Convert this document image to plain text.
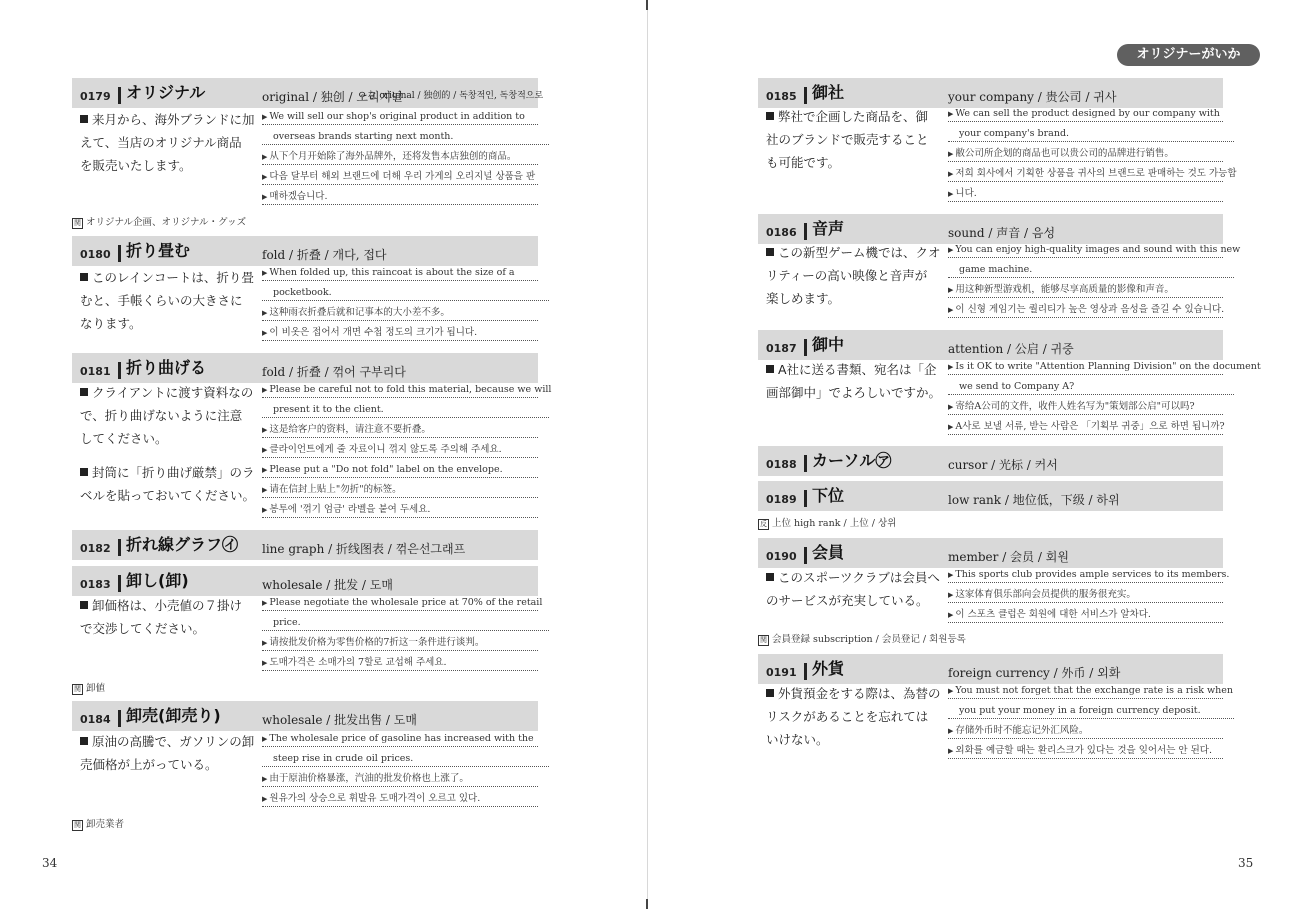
オリジナーがいか
34	35
0179 オリジナル	original / 独创 / 오리지널
~な original / 独创的 / 독창적인, 독창적으로
来月から、海外ブランドに加
えて、当店のオリジナル商品
を販売いたします。
▶ We will sell our shop's original product in addition to
overseas brands starting next month.
▶ 从下个月开始除了海外品牌外，还将发售本店独创的商品。
▶ 다음 달부터 해외 브랜드에 더해 우리 가게의 오리지널 상품을 판
▶ 매하겠습니다.
関 オリジナル企画、オリジナル・グッズ
0180 折り畳む	fold / 折叠 / 개다, 접다
このレインコートは、折り畳
むと、手帳くらいの大きさに
なります。
▶ When folded up, this raincoat is about the size of a
pocketbook.
▶ 这种雨衣折叠后就和记事本的大小差不多。
▶ 이 비옷은 접어서 개면 수첩 정도의 크기가 됩니다.
0181 折り曲げる	fold / 折叠 / 꺾어 구부리다
クライアントに渡す資料なの
で、折り曲げないように注意
してください。
▶ Please be careful not to fold this material, because we will
present it to the client.
▶ 这是给客户的资料，请注意不要折叠。
▶ 클라이언트에게 줄 자료이니 꺾지 않도록 주의해 주세요.
封筒に「折り曲げ厳禁」のラ
ベルを貼っておいてください。
▶ Please put a "Do not fold" label on the envelope.
▶ 请在信封上贴上"勿折"的标签。
▶ 봉투에 '꺾기 엄금' 라벨을 붙여 두세요.
0182 折れ線グラフ㋑ line graph / 折线图表 / 꺾은선그래프
0183 卸し(卸)	wholesale / 批发 / 도매
卸価格は、小売値の７掛け
で交渉してください。
▶ Please negotiate the wholesale price at 70% of the retail
price.
▶ 请按批发价格为零售价格的7折这一条件进行谈判。
▶ 도매가격은 소매가의 7할로 교섭해 주세요.
関 卸値
0184 卸売(卸売り)	wholesale / 批发出售 / 도매
原油の高騰で、ガソリンの卸
売価格が上がっている。
▶ The wholesale price of gasoline has increased with the
steep rise in crude oil prices.
▶ 由于原油价格暴涨，汽油的批发价格也上涨了。
▶ 원유가의 상승으로 휘발유 도매가격이 오르고 있다.
関 卸売業者
0185 御社	your company / 贵公司 / 귀사
弊社で企画した商品を、御
社のブランドで販売すること
も可能です。
▶ We can sell the product designed by our company with
your company's brand.
▶ 敝公司所企划的商品也可以贵公司的品牌进行销售。
▶ 저희 회사에서 기획한 상품을 귀사의 브랜드로 판매하는 것도 가능합
▶ 니다.
0186 音声	sound / 声音 / 음성
この新型ゲーム機では、クオ
リティーの高い映像と音声が
楽しめます。
▶ You can enjoy high-quality images and sound with this new
game machine.
▶ 用这种新型游戏机，能够尽享高质量的影像和声音。
▶ 이 신형 게임기는 퀄리티가 높은 영상과 음성을 즐길 수 있습니다.
0187 御中	attention / 公启 / 귀중
A社に送る書類、宛名は「企
画部御中」でよろしいですか。
▶ Is it OK to write "Attention Planning Division" on the document
we send to Company A?
▶ 寄给A公司的文件，收件人姓名写为"策划部公启"可以吗?
▶ A사로 보낼 서류, 받는 사람은 「기획부 귀중」으로 하면 됩니까?
0188 カーソル㋐	cursor / 光标 / 커서
0189 下位	low rank / 地位低，下级 / 하위
反 上位 high rank / 上位 / 상위
0190 会員	member / 会员 / 회원
このスポーツクラブは会員へ
のサービスが充実している。
▶ This sports club provides ample services to its members.
▶ 这家体育俱乐部向会员提供的服务很充实。
▶ 이 스포츠 클럽은 회원에 대한 서비스가 알차다.
関 会員登録 subscription / 会员登记 / 회원등록
0191 外貨	foreign currency / 外币 / 외화
外貨預金をする際は、為替の
リスクがあることを忘れては
いけない。
▶ You must not forget that the exchange rate is a risk when
you put your money in a foreign currency deposit.
▶ 存储外币时不能忘记外汇风险。
▶ 외화를 예금할 때는 환리스크가 있다는 것을 잊어서는 안 된다.
